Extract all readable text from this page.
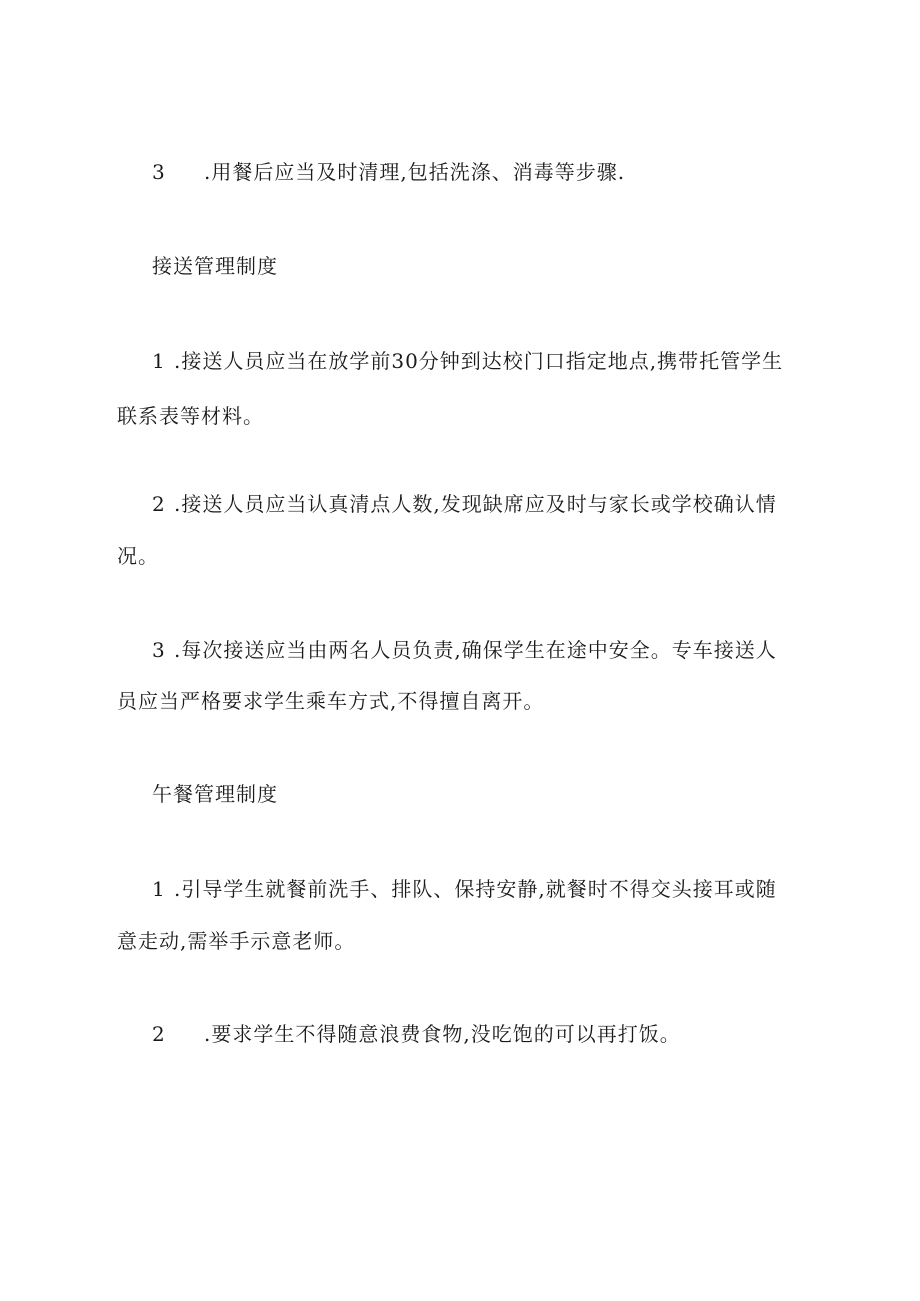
3 .用餐后应当及时清理,包括洗涤、消毒等步骤.
接送管理制度
1 .接送人员应当在放学前30分钟到达校门口指定地点,携带托管学生
联系表等材料。
2 .接送人员应当认真清点人数,发现缺席应及时与家长或学校确认情
况。
3 .每次接送应当由两名人员负责,确保学生在途中安全。专车接送人
员应当严格要求学生乘车方式,不得擅自离开。
午餐管理制度
1 .引导学生就餐前洗手、排队、保持安静,就餐时不得交头接耳或随
意走动,需举手示意老师。
2 .要求学生不得随意浪费食物,没吃饱的可以再打饭。
